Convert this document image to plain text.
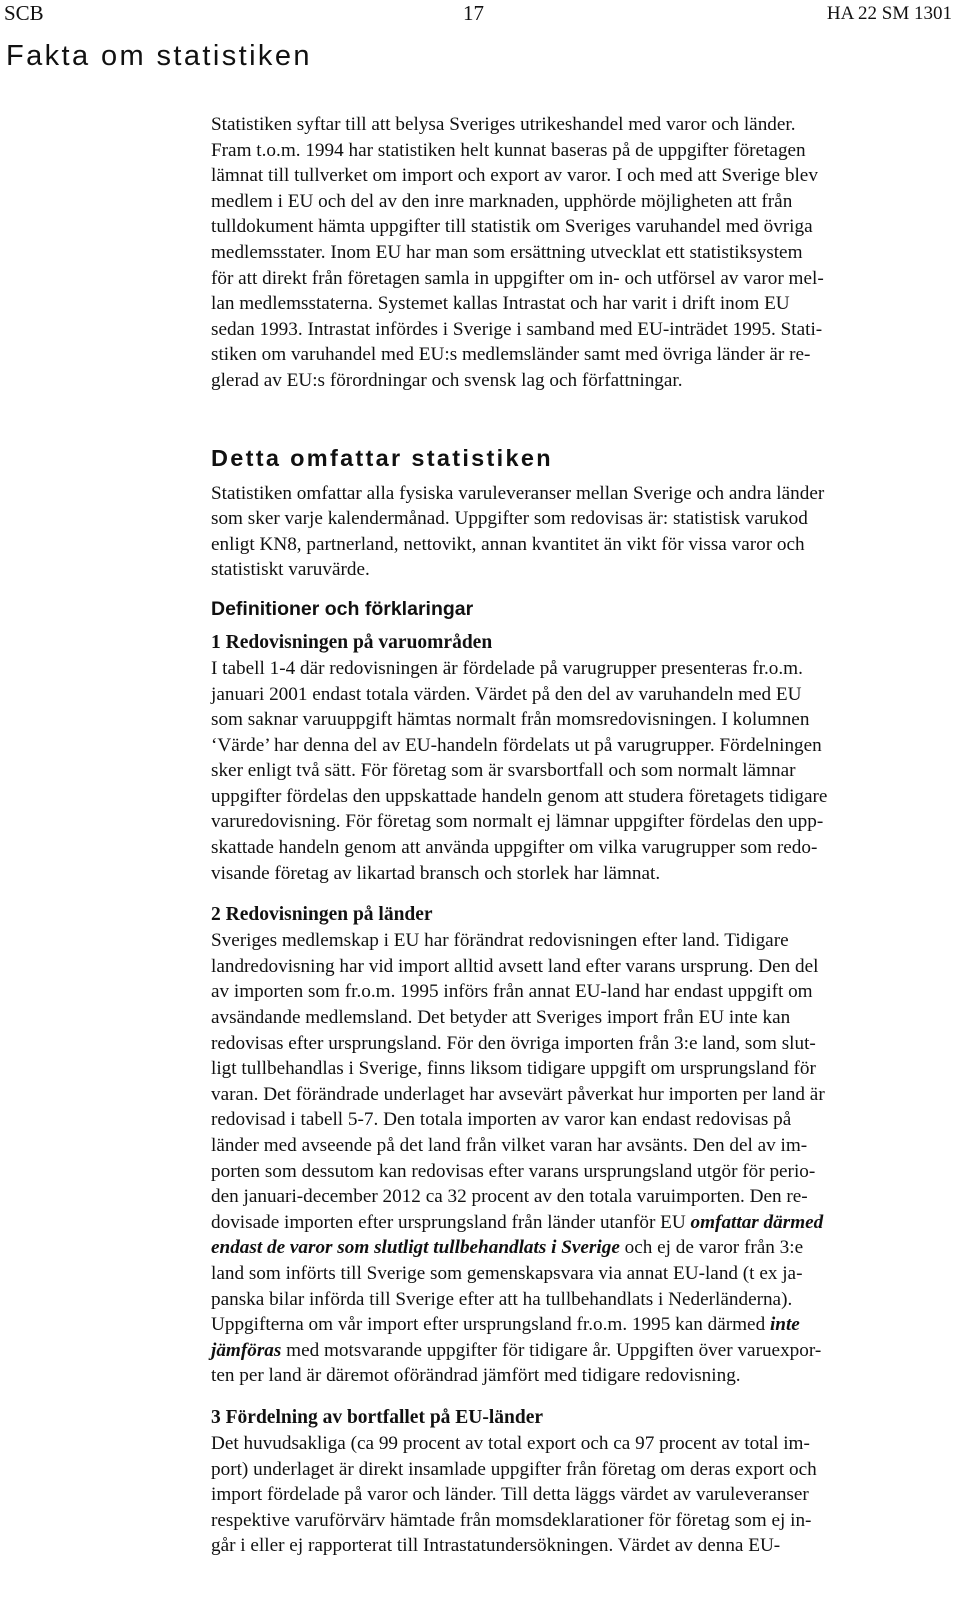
SCB	17	HA 22 SM 1301
Fakta om statistiken

Statistiken syftar till att belysa Sveriges utrikeshandel med varor och länder.
Fram t.o.m. 1994 har statistiken helt kunnat baseras på de uppgifter företagen
lämnat till tullverket om import och export av varor. I och med att Sverige blev
medlem i EU och del av den inre marknaden, upphörde möjligheten att från
tulldokument hämta uppgifter till statistik om Sveriges varuhandel med övriga
medlemsstater. Inom EU har man som ersättning utvecklat ett statistiksystem
för att direkt från företagen samla in uppgifter om in- och utförsel av varor mel-
lan medlemsstaterna. Systemet kallas Intrastat och har varit i drift inom EU
sedan 1993. Intrastat infördes i Sverige i samband med EU-inträdet 1995. Stati-
stiken om varuhandel med EU:s medlemsländer samt med övriga länder är re-
glerad av EU:s förordningar och svensk lag och författningar.

Detta omfattar statistiken

Statistiken omfattar alla fysiska varuleveranser mellan Sverige och andra länder
som sker varje kalendermånad. Uppgifter som redovisas är: statistisk varukod
enligt KN8, partnerland, nettovikt, annan kvantitet än vikt för vissa varor och
statistiskt varuvärde.

Definitioner och förklaringar
1 Redovisningen på varuområden

I tabell 1-4 där redovisningen är fördelade på varugrupper presenteras fr.o.m.
januari 2001 endast totala värden. Värdet på den del av varuhandeln med EU
som saknar varuuppgift hämtas normalt från momsredovisningen. I kolumnen
‘Värde’ har denna del av EU-handeln fördelats ut på varugrupper. Fördelningen
sker enligt två sätt. För företag som är svarsbortfall och som normalt lämnar
uppgifter fördelas den uppskattade handeln genom att studera företagets tidigare
varuredovisning. För företag som normalt ej lämnar uppgifter fördelas den upp-
skattade handeln genom att använda uppgifter om vilka varugrupper som redo-
visande företag av likartad bransch och storlek har lämnat.

2 Redovisningen på länder

Sveriges medlemskap i EU har förändrat redovisningen efter land. Tidigare
landredovisning har vid import alltid avsett land efter varans ursprung. Den del
av importen som fr.o.m. 1995 införs från annat EU-land har endast uppgift om
avsändande medlemsland. Det betyder att Sveriges import från EU inte kan
redovisas efter ursprungsland. För den övriga importen från 3:e land, som slut-
ligt tullbehandlas i Sverige, finns liksom tidigare uppgift om ursprungsland för
varan. Det förändrade underlaget har avsevärt påverkat hur importen per land är
redovisad i tabell 5-7. Den totala importen av varor kan endast redovisas på
länder med avseende på det land från vilket varan har avsänts. Den del av im-
porten som dessutom kan redovisas efter varans ursprungsland utgör för perio-
den januari-december 2012 ca 32 procent av den totala varuimporten. Den re-
dovisade importen efter ursprungsland från länder utanför EU omfattar därmed
endast de varor som slutligt tullbehandlats i Sverige och ej de varor från 3:e
land som införts till Sverige som gemenskapsvara via annat EU-land (t ex ja-
panska bilar införda till Sverige efter att ha tullbehandlats i Nederländerna).
Uppgifterna om vår import efter ursprungsland fr.o.m. 1995 kan därmed inte
jämföras med motsvarande uppgifter för tidigare år. Uppgiften över varuexpor-
ten per land är däremot oförändrad jämfört med tidigare redovisning.

3 Fördelning av bortfallet på EU-länder

Det huvudsakliga (ca 99 procent av total export och ca 97 procent av total im-
port) underlaget är direkt insamlade uppgifter från företag om deras export och
import fördelade på varor och länder. Till detta läggs värdet av varuleveranser
respektive varuförvärv hämtade från momsdeklarationer för företag som ej in-
går i eller ej rapporterat till Intrastatundersökningen. Värdet av denna EU-
